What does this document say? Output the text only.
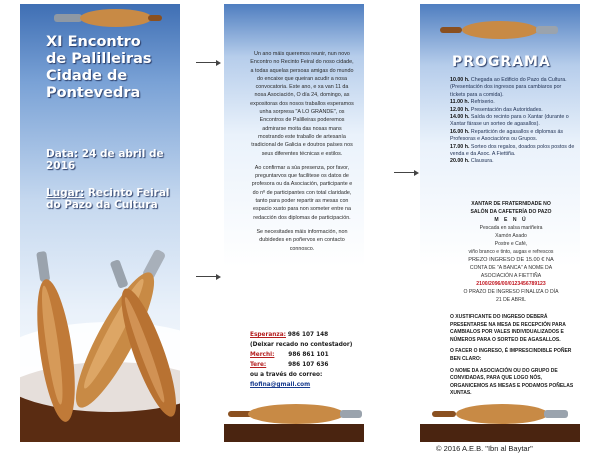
XI Encontro
de Palilleiras
Cidade de
Pontevedra
Data: 24 de abril de 2016
Lugar: Recinto Feiral do Pazo da Cultura

Un ano máis queremos reunir, nun novo Encontro no Recinto Feiral do noso cidade, a todas aquelas persoas amigas do mundo do encaixe que queiran acudir a nosa convocatoria. Este ano, e xa van 11 da nosa Asociación, O día 24, domingo, as expositoras dos nosos traballos esperamos unha sorpresa "A LO GRANDE", os Encontros de Palilleiras poderemos admirarse moita das nosas mans mostrando este traballo de artesanía tradicional de Galicia e doutros países nos seus diferentes técnicas e estilos.

Ao confirmar a súa presenza, por favor, preguntarvos que facilitese os datos de profesora ou da Asociación, participante e do nº de participantes con total claridade, tanto para poder repartir as mesas con espacio xusto para non someter entre na redacción dos diplomas de participación.

Se necesitades máis información, non dubidedes en poñervos en contacto connosco.

Esperanza: 986 107 148
(Deixar recado no contestador)
Merchi: 986 861 101
Tere:	986 107 636
ou a través do correo:
flofina@gmail.com
PROGRAMA
10.00 h. Chegada ao Edificio do Pazo da Cultura. (Presentación dos ingresos para cambiaros por tíckets para a comida).
11.00 h. Refrixerio.
12.00 h. Presentación das Autoridades.
14.00 h. Saída do recinto para o Xantar (durante o Xantar fárase un sorteo de agasallos).
16.00 h. Repartición de agasallos e diplomas ás Profesoras e Asociacións ou Grupos.
17.00 h. Sorteo dos regalos, doados polos postos de venda e da Asoc. A Fiettiña.
20.00 h. Clausura.
XANTAR DE FRATERNIDADE NO
SALÓN DA CAFETERÍA DO PAZO
M E N Ú
Pescada en salsa mariñeira
Xamón Asado
Postre e Café,
viño branco e tinto, augas e refrescos
PREZO INGRESO DE 15.00 € NA
CONTA DE "A BANCA" A NOME DA
ASOCIACIÓN A FIETTIÑA
2100/2096/00/0123456789123
O PRAZO DE INGRESO FINALIZA O DÍA
21 DE ABRIL

O XUSTIFICANTE DO INGRESO DEBERÁ PRESENTARSE NA MESA DE RECEPCIÓN PARA CAMBIALOS POR VALES INDIVIDUALIZADOS E NÚMEROS PARA O SORTEO DE AGASALLOS.

O FACER O INGRESO, É IMPRESCINDIBLE POÑER BEN CLARO:

O NOME DA ASOCIACIÓN OU DO GRUPO DE CONVIDADAS, PARA QUE LOGO NÓS, ORGANICEMOS AS MESAS E PODAMOS POÑELAS XUNTAS.

© 2016 A.E.B. "Ibn al Baytar"
